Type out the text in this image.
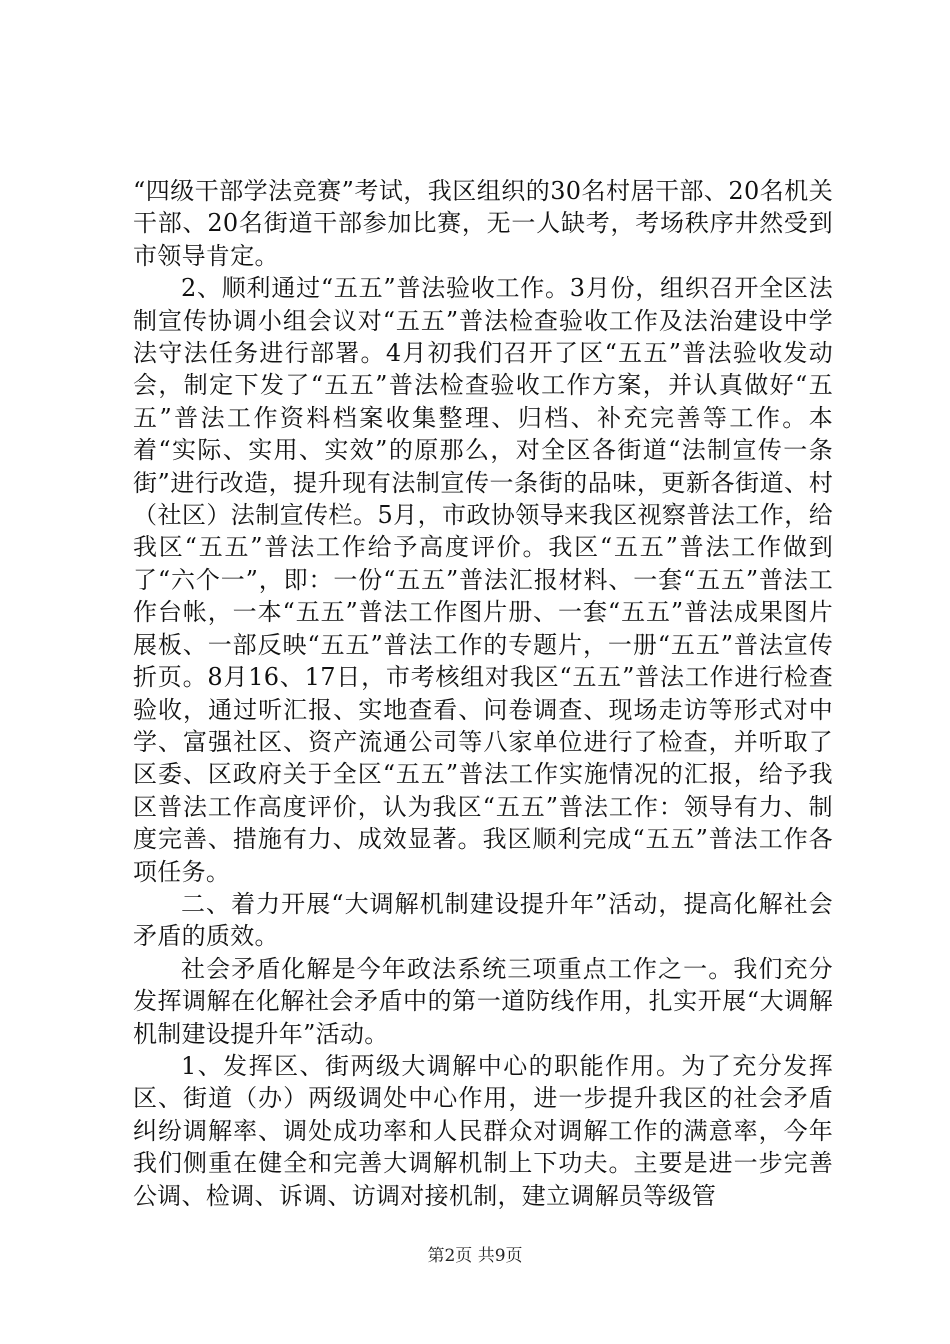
“四级干部学法竞赛”考试，我区组织的30名村居干部、20名机关干部、20名街道干部参加比赛，无一人缺考，考场秩序井然受到市领导肯定。

2、顺利通过“五五”普法验收工作。3月份，组织召开全区法制宣传协调小组会议对“五五”普法检查验收工作及法治建设中学法守法任务进行部署。4月初我们召开了区“五五”普法验收发动会，制定下发了“五五”普法检查验收工作方案，并认真做好“五五”普法工作资料档案收集整理、归档、补充完善等工作。本着“实际、实用、实效”的原那么，对全区各街道“法制宣传一条街”进行改造，提升现有法制宣传一条街的品味，更新各街道、村（社区）法制宣传栏。5月，市政协领导来我区视察普法工作，给我区“五五”普法工作给予高度评价。我区“五五”普法工作做到了“六个一”，即：一份“五五”普法汇报材料、一套“五五”普法工作台帐，一本“五五”普法工作图片册、一套“五五”普法成果图片展板、一部反映“五五”普法工作的专题片，一册“五五”普法宣传折页。8月16、17日，市考核组对我区“五五”普法工作进行检查验收，通过听汇报、实地查看、问卷调查、现场走访等形式对中学、富强社区、资产流通公司等八家单位进行了检查，并听取了区委、区政府关于全区“五五”普法工作实施情况的汇报，给予我区普法工作高度评价，认为我区“五五”普法工作：领导有力、制度完善、措施有力、成效显著。我区顺利完成“五五”普法工作各项任务。

二、着力开展“大调解机制建设提升年”活动，提高化解社会矛盾的质效。

社会矛盾化解是今年政法系统三项重点工作之一。我们充分发挥调解在化解社会矛盾中的第一道防线作用，扎实开展“大调解机制建设提升年”活动。

1、发挥区、街两级大调解中心的职能作用。为了充分发挥区、街道（办）两级调处中心作用，进一步提升我区的社会矛盾纠纷调解率、调处成功率和人民群众对调解工作的满意率，今年我们侧重在健全和完善大调解机制上下功夫。主要是进一步完善公调、检调、诉调、访调对接机制，建立调解员等级管

第2页 共9页
